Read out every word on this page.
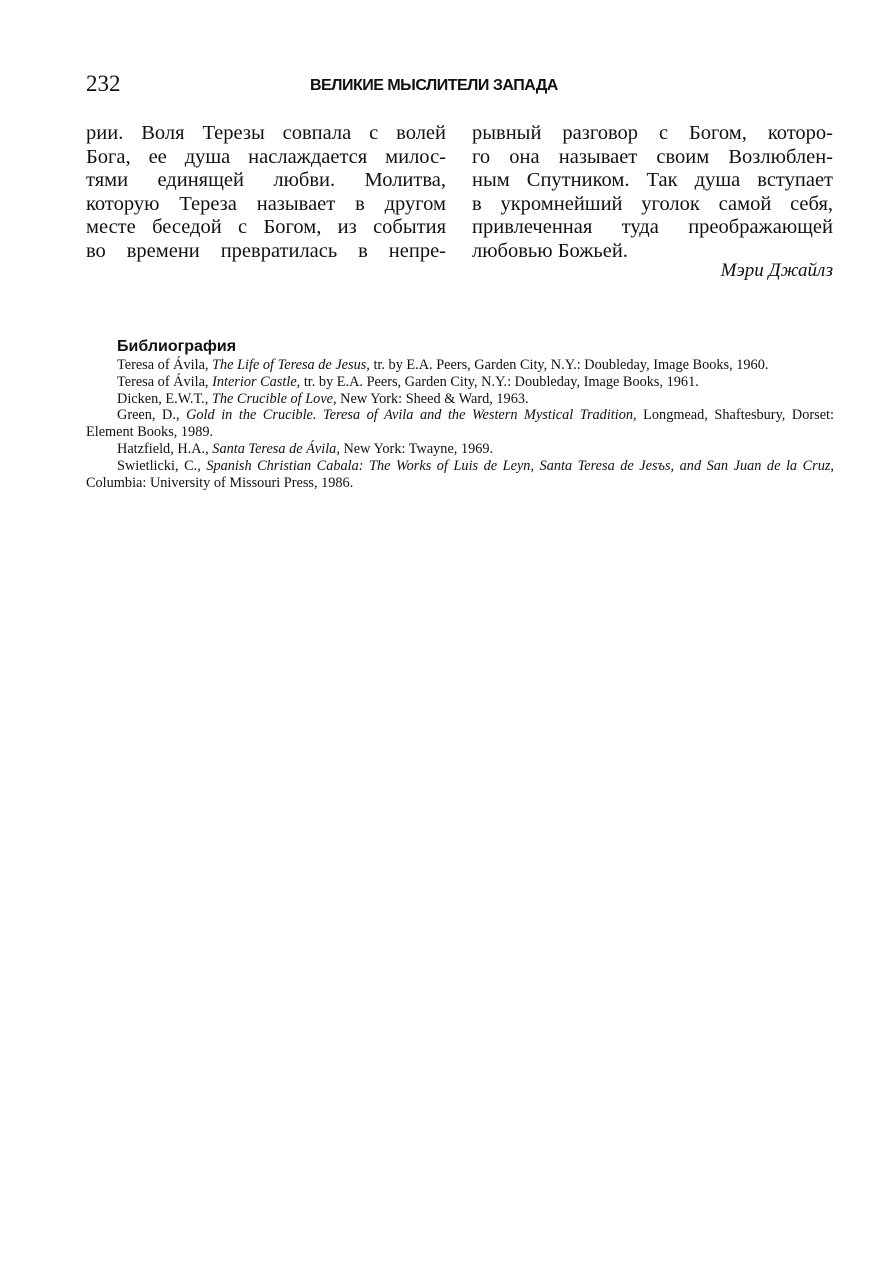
232	ВЕЛИКИЕ МЫСЛИТЕЛИ ЗАПАДА
рии. Воля Терезы совпала с волей
Бога, ее душа наслаждается милос-
тями единящей любви. Молитва,
которую Тереза называет в другом
месте беседой с Богом, из события
во времени превратилась в непре-
рывный разговор с Богом, которо-
го она называет своим Возлюблен-
ным Спутником. Так душа вступает
в укромнейший уголок самой себя,
привлеченная туда преображающей
любовью Божьей.
Мэри Джайлз
Библиография

Teresa of Ávila, The Life of Teresa de Jesus, tr. by E.A. Peers, Garden City, N.Y.: Doubleday, Image Books, 1960.

Teresa of Ávila, Interior Castle, tr. by E.A. Peers, Garden City, N.Y.: Doubleday, Image Books, 1961.

Dicken, E.W.T., The Crucible of Love, New York: Sheed & Ward, 1963.

Green, D., Gold in the Crucible. Teresa of Avila and the Western Mystical Tradition, Longmead, Shaftesbury, Dorset: Element Books, 1989.

Hatzfield, H.A., Santa Teresa de Ávila, New York: Twayne, 1969.

Swietlicki, C., Spanish Christian Cabala: The Works of Luis de Leyn, Santa Teresa de Jesъs, and San Juan de la Cruz, Columbia: University of Missouri Press, 1986.
